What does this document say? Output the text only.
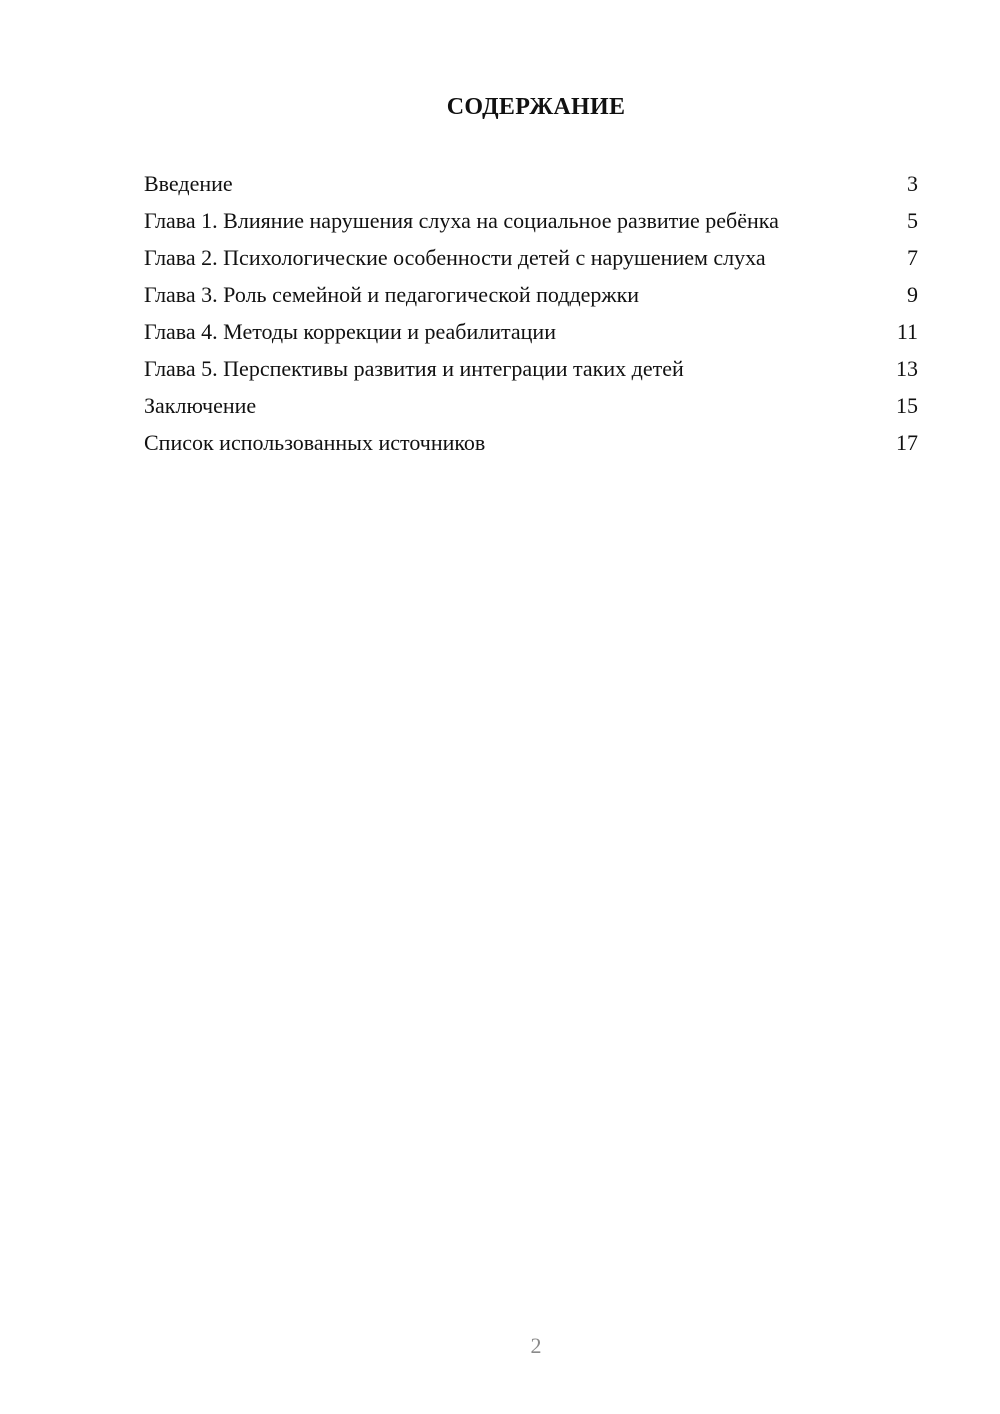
СОДЕРЖАНИЕ
Введение	3
Глава 1. Влияние нарушения слуха на социальное развитие ребёнка	5
Глава 2. Психологические особенности детей с нарушением слуха	7
Глава 3. Роль семейной и педагогической поддержки	9
Глава 4. Методы коррекции и реабилитации	11
Глава 5. Перспективы развития и интеграции таких детей	13
Заключение	15
Список использованных источников	17
2
